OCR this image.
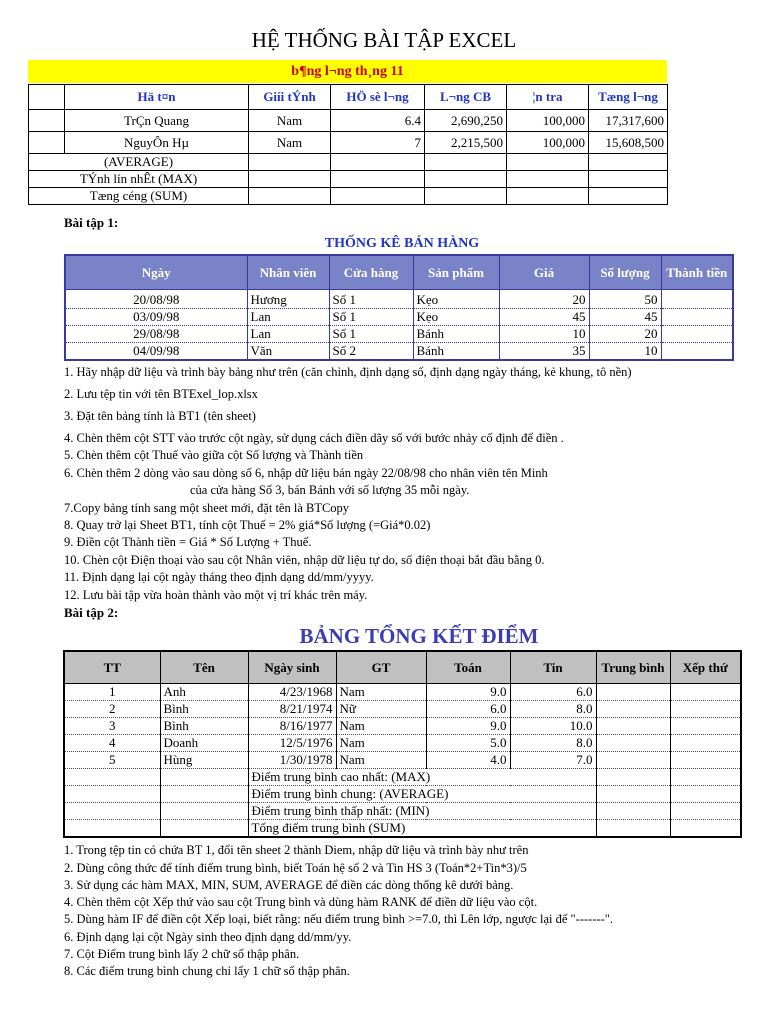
HỆ THỐNG BÀI TẬP EXCEL
b¶ng l¬ng th¸ng 11
	Hä t¤n	Giíi tÝnh	HÖ sè l¬ng	L¬ng CB	¦n tra	Tæng l¬ng
	TrÇn Quang	Nam	6.4	2,690,250	100,000	17,317,600
	NguyÔn Hµ	Nam	7	2,215,500	100,000	15,608,500
(AVERAGE)						
TÝnh lín nhÊt (MAX)						
Tæng céng (SUM)						
Bài tập 1:
THỐNG KÊ BÁN HÀNG
Ngày	Nhân viên	Cửa hàng	Sản phẩm	Giá	Số lượng	Thành tiền
20/08/98	Hương	Số 1	Kẹo	20	50	
03/09/98	Lan	Số 1	Kẹo	45	45	
29/08/98	Lan	Số 1	Bánh	10	20	
04/09/98	Văn	Số 2	Bánh	35	10	
1. Hãy nhập dữ liệu và trình bày bảng như trên (căn chỉnh, định dạng số, định dạng ngày tháng, kẻ khung, tô nền)
2. Lưu tệp tin với tên BTExel_lop.xlsx
3. Đặt tên bảng tính là BT1 (tên sheet)
4. Chèn thêm cột STT vào trước cột ngày, sử dụng cách điền dãy số với bước nhảy cố định để điền .
5. Chèn thêm cột Thuế vào giữa cột Số lượng và Thành tiền
6. Chèn thêm 2 dòng vào sau dòng số 6, nhập dữ liệu bán ngày 22/08/98 cho nhân viên tên Minh
của cửa hàng Số 3, bán Bánh với số lượng 35 mỗi ngày.
7.Copy bảng tính sang một sheet mới, đặt tên là BTCopy
8. Quay trở lại Sheet BT1, tính cột Thuế = 2% giá*Số lượng (=Giá*0.02)
9. Điền cột Thành tiền = Giá * Số Lượng + Thuế.
10. Chèn cột Điện thoại vào sau cột Nhân viên, nhập dữ liệu tự do, số điện thoại bắt đầu bằng 0.
11. Định dạng lại cột ngày tháng theo định dạng dd/mm/yyyy.
12. Lưu bài tập vừa hoàn thành vào một vị trí khác trên máy.
Bài tập 2:
BẢNG TỔNG KẾT ĐIỂM
TT	Tên	Ngày sinh	GT	Toán	Tin	Trung bình	Xếp thứ
1	Anh	4/23/1968	Nam	9.0	6.0		
2	Bình	8/21/1974	Nữ	6.0	8.0		
3	Bình	8/16/1977	Nam	9.0	10.0		
4	Doanh	12/5/1976	Nam	5.0	8.0		
5	Hùng	1/30/1978	Nam	4.0	7.0		
		Điểm trung bình cao nhất: (MAX)					
		Điểm trung bình chung: (AVERAGE)					
		Điểm trung bình thấp nhất: (MIN)					
		Tổng điểm trung bình (SUM)					
1. Trong tệp tin có chứa BT 1, đổi tên sheet 2 thành Diem, nhập dữ liệu và trình bày như trên
2. Dùng công thức để tính điểm trung bình, biết Toán hệ số 2 và Tin HS 3 (Toán*2+Tin*3)/5
3. Sử dụng các hàm MAX, MIN, SUM, AVERAGE để điền các dòng thống kê dưới bảng.
4. Chèn thêm cột Xếp thứ vào sau cột Trung bình và dùng hàm RANK để điền dữ liệu vào cột.
5. Dùng hàm IF để điền cột Xếp loại, biết rằng: nếu điểm trung bình >=7.0, thì Lên lớp, ngược lại để "-------".
6. Định dạng lại cột Ngày sinh theo định dạng dd/mm/yy.
7. Cột Điểm trung bình lấy 2 chữ số thập phân.
8. Các điểm trung bình chung chỉ lấy 1 chữ số thập phân.
